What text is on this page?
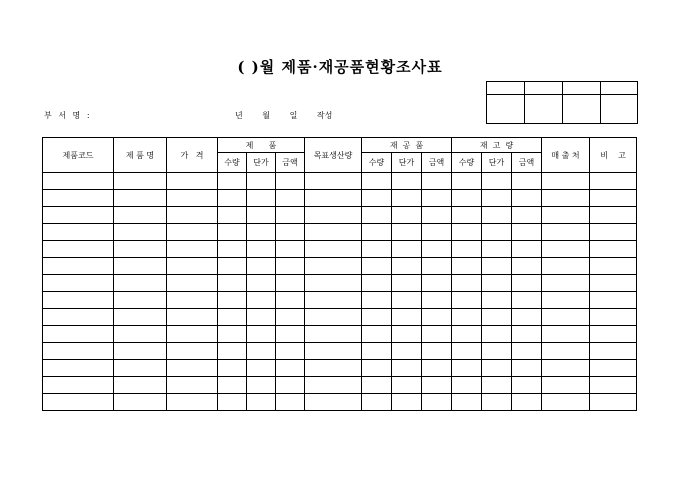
( )월 제품·재공품현황조사표

부 서 명 :	년 월 일 작성
제품코드	제 품 명	가   격	제      품			목표생산량	재  공  품			재  고  량			매 출 처	비    고
			수량	단가	금액		수량	단가	금액	수량	단가	금액		
